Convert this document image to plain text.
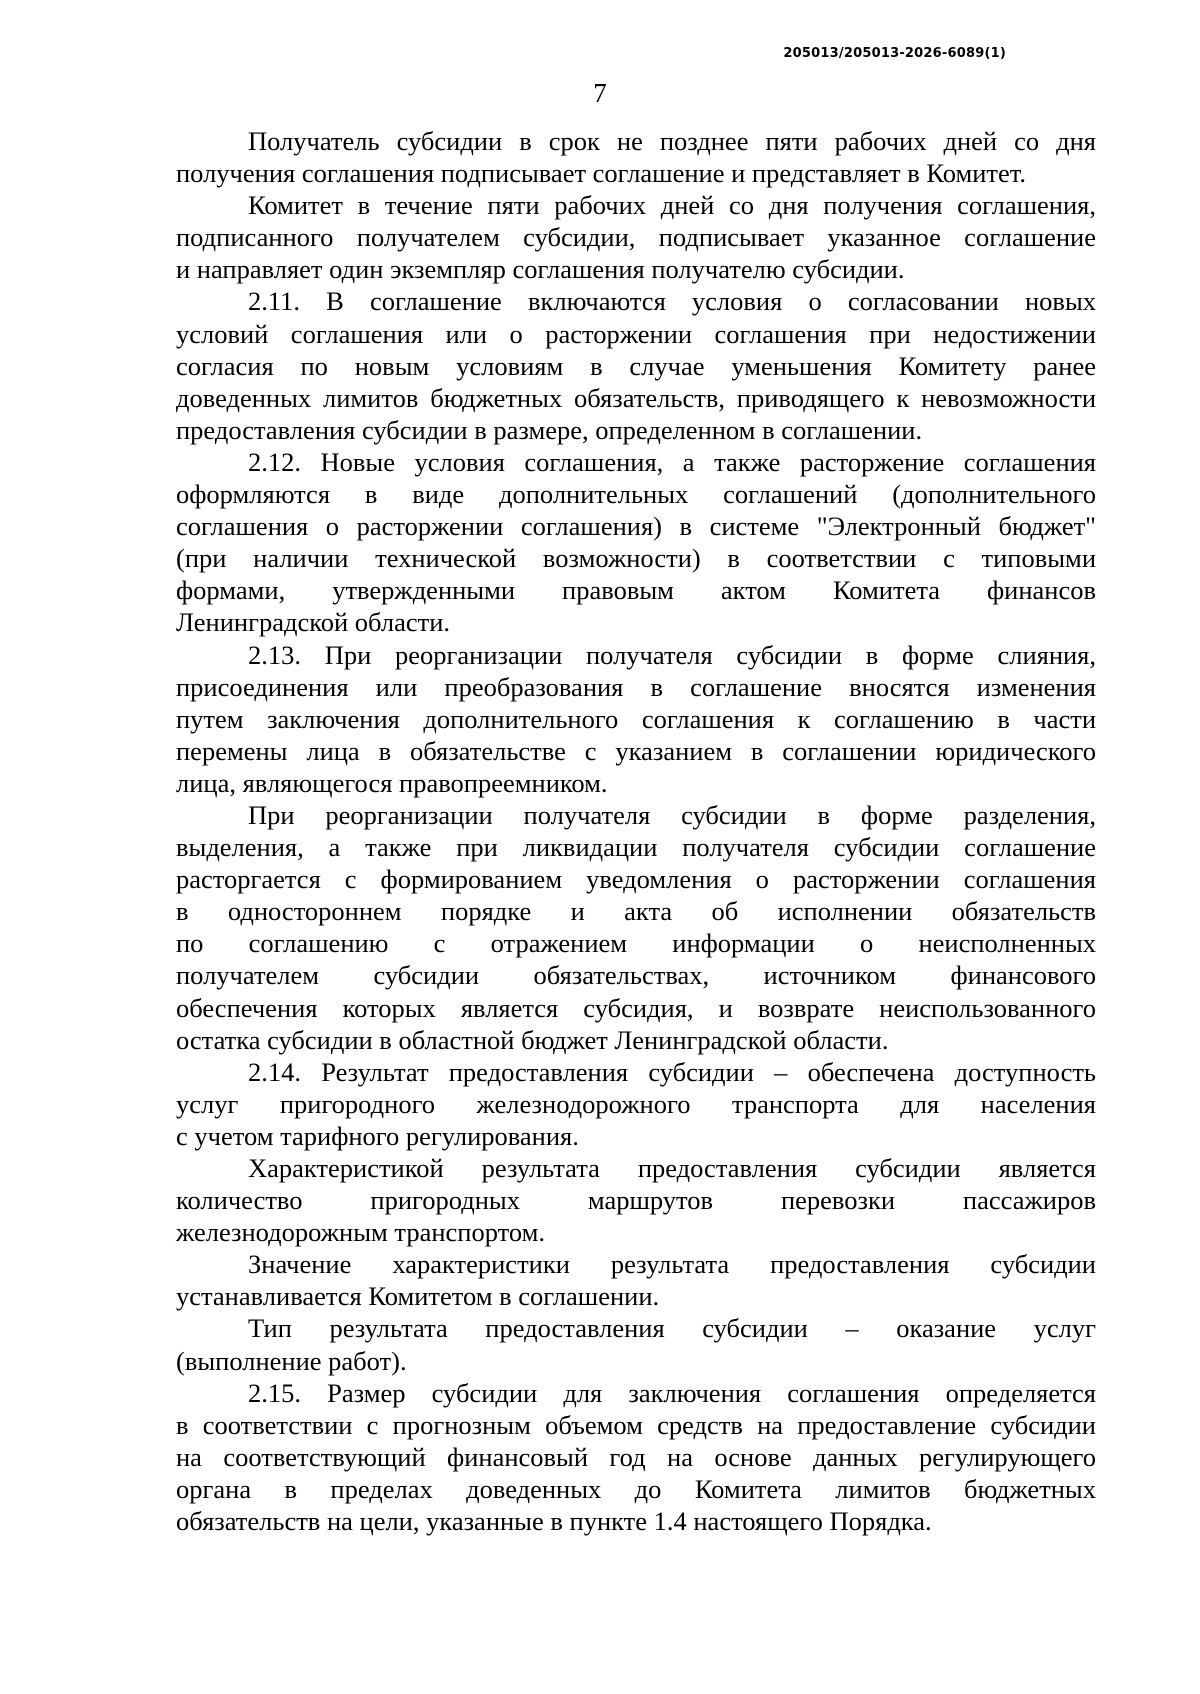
205013/205013-2026-6089(1)
7
Получатель субсидии в срок не позднее пяти рабочих дней со дня
получения соглашения подписывает соглашение и представляет в Комитет.
Комитет в течение пяти рабочих дней со дня получения соглашения,
подписанного получателем субсидии, подписывает указанное соглашение
и направляет один экземпляр соглашения получателю субсидии.
2.11. В соглашение включаются условия о согласовании новых
условий соглашения или о расторжении соглашения при недостижении
согласия по новым условиям в случае уменьшения Комитету ранее
доведенных лимитов бюджетных обязательств, приводящего к невозможности
предоставления субсидии в размере, определенном в соглашении.
2.12. Новые условия соглашения, а также расторжение соглашения
оформляются в виде дополнительных соглашений (дополнительного
соглашения о расторжении соглашения) в системе "Электронный бюджет"
(при наличии технической возможности) в соответствии с типовыми
формами, утвержденными правовым актом Комитета финансов
Ленинградской области.
2.13. При реорганизации получателя субсидии в форме слияния,
присоединения или преобразования в соглашение вносятся изменения
путем заключения дополнительного соглашения к соглашению в части
перемены лица в обязательстве с указанием в соглашении юридического
лица, являющегося правопреемником.
При реорганизации получателя субсидии в форме разделения,
выделения, а также при ликвидации получателя субсидии соглашение
расторгается с формированием уведомления о расторжении соглашения
в одностороннем порядке и акта об исполнении обязательств
по соглашению с отражением информации о неисполненных
получателем субсидии обязательствах, источником финансового
обеспечения которых является субсидия, и возврате неиспользованного
остатка субсидии в областной бюджет Ленинградской области.
2.14. Результат предоставления субсидии – обеспечена доступность
услуг пригородного железнодорожного транспорта для населения
с учетом тарифного регулирования.
Характеристикой результата предоставления субсидии является
количество пригородных маршрутов перевозки пассажиров
железнодорожным транспортом.
Значение характеристики результата предоставления субсидии
устанавливается Комитетом в соглашении.
Тип результата предоставления субсидии – оказание услуг
(выполнение работ).
2.15. Размер субсидии для заключения соглашения определяется
в соответствии с прогнозным объемом средств на предоставление субсидии
на соответствующий финансовый год на основе данных регулирующего
органа в пределах доведенных до Комитета лимитов бюджетных
обязательств на цели, указанные в пункте 1.4 настоящего Порядка.
